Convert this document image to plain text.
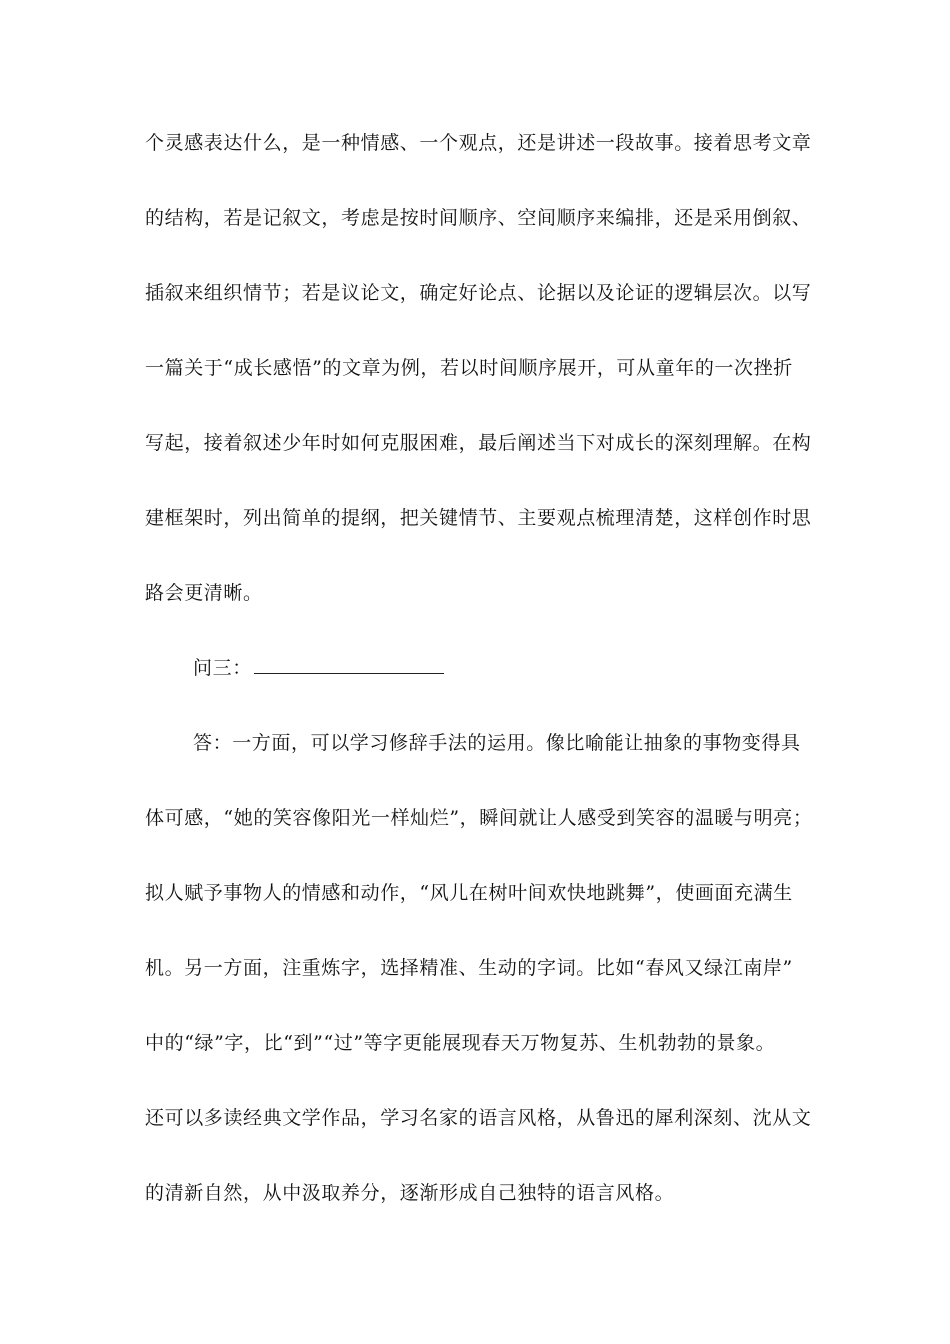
个灵感表达什么，是一种情感、一个观点，还是讲述一段故事。接着思考文章
的结构，若是记叙文，考虑是按时间顺序、空间顺序来编排，还是采用倒叙、
插叙来组织情节；若是议论文，确定好论点、论据以及论证的逻辑层次。以写
一篇关于“成长感悟”的文章为例，若以时间顺序展开，可从童年的一次挫折
写起，接着叙述少年时如何克服困难，最后阐述当下对成长的深刻理解。在构
建框架时，列出简单的提纲，把关键情节、主要观点梳理清楚，这样创作时思
路会更清晰。
问三：
答：一方面，可以学习修辞手法的运用。像比喻能让抽象的事物变得具
体可感，“她的笑容像阳光一样灿烂”，瞬间就让人感受到笑容的温暖与明亮；
拟人赋予事物人的情感和动作，“风儿在树叶间欢快地跳舞”，使画面充满生
机。另一方面，注重炼字，选择精准、生动的字词。比如“春风又绿江南岸”
中的“绿”字，比“到”“过”等字更能展现春天万物复苏、生机勃勃的景象。
还可以多读经典文学作品，学习名家的语言风格，从鲁迅的犀利深刻、沈从文
的清新自然，从中汲取养分，逐渐形成自己独特的语言风格。
